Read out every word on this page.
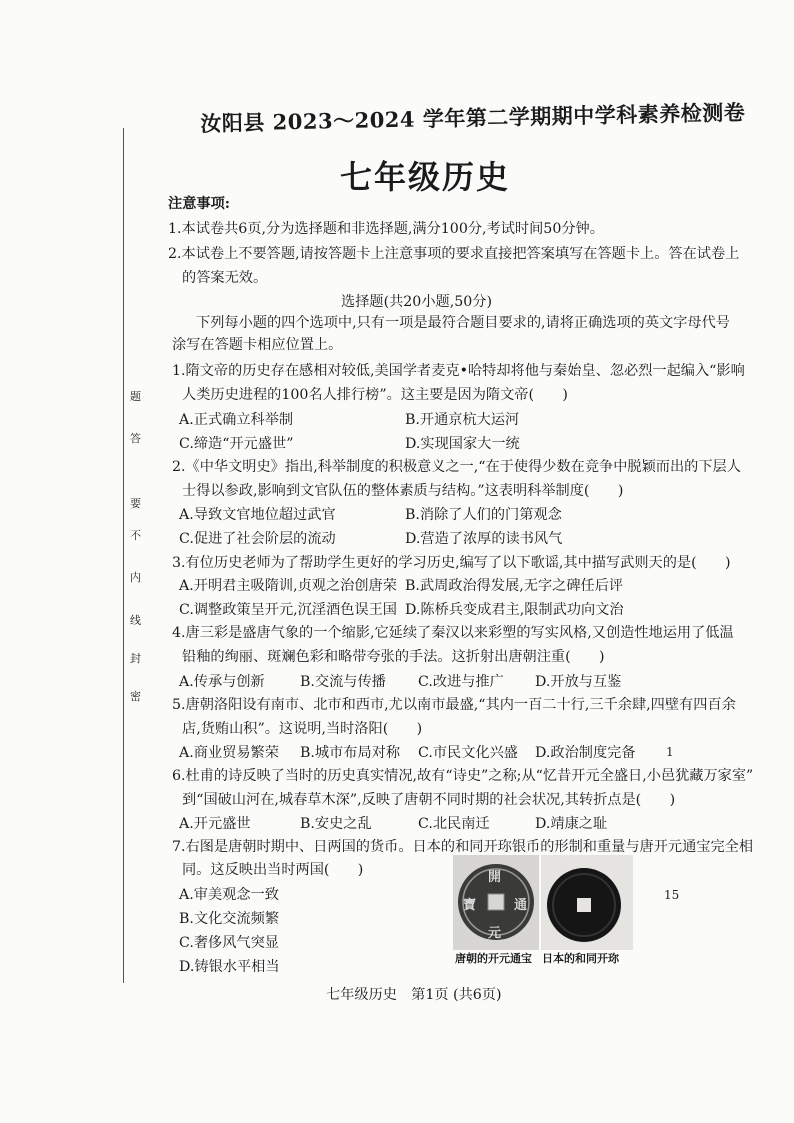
题
答
要
不
内
线
封
密
汝阳县 2023～2024 学年第二学期期中学科素养检测卷
七年级历史
注意事项:
1.本试卷共6页,分为选择题和非选择题,满分100分,考试时间50分钟。
2.本试卷上不要答题,请按答题卡上注意事项的要求直接把答案填写在答题卡上。答在试卷上
的答案无效。
选择题(共20小题,50分)
下列每小题的四个选项中,只有一项是最符合题目要求的,请将正确选项的英文字母代号
涂写在答题卡相应位置上。
1.隋文帝的历史存在感相对较低,美国学者麦克•哈特却将他与秦始皇、忽必烈一起编入“影响
人类历史进程的100名人排行榜”。这主要是因为隋文帝(　　)
A.正式确立科举制	B.开通京杭大运河
C.缔造“开元盛世”	D.实现国家大一统
2.《中华文明史》指出,科举制度的积极意义之一,“在于使得少数在竞争中脱颖而出的下层人
士得以参政,影响到文官队伍的整体素质与结构。”这表明科举制度(　　)
A.导致文官地位超过武官	B.消除了人们的门第观念
C.促进了社会阶层的流动	D.营造了浓厚的读书风气
3.有位历史老师为了帮助学生更好的学习历史,编写了以下歌谣,其中描写武则天的是(　　)
A.开明君主吸隋训,贞观之治创唐荣 B.武周政治得发展,无字之碑任后评
C.调整政策呈开元,沉淫酒色误王国 D.陈桥兵变成君主,限制武功向文治
4.唐三彩是盛唐气象的一个缩影,它延续了秦汉以来彩塑的写实风格,又创造性地运用了低温
铅釉的绚丽、斑斓色彩和略带夸张的手法。这折射出唐朝注重(　　)
A.传承与创新 B.交流与传播 C.改进与推广 D.开放与互鉴
5.唐朝洛阳设有南市、北市和西市,尤以南市最盛,“其内一百二十行,三千余肆,四壁有四百余
店,货贿山积”。这说明,当时洛阳(　　)
A.商业贸易繁荣 B.城市布局对称 C.市民文化兴盛 D.政治制度完备
6.杜甫的诗反映了当时的历史真实情况,故有“诗史”之称;从“忆昔开元全盛日,小邑犹藏万家室”
到“国破山河在,城春草木深”,反映了唐朝不同时期的社会状况,其转折点是(　　)
A.开元盛世	B.安史之乱	C.北民南迁	D.靖康之耻
7.右图是唐朝时期中、日两国的货币。日本的和同开珎银币的形制和重量与唐开元通宝完全相
同。这反映出当时两国(　　)
A.审美观念一致
B.文化交流频繁
C.奢侈风气突显
D.铸银水平相当
開
元
通
寶
唐朝的开元通宝 日本的和同开珎
1
15
七年级历史　第1页 (共6页)
